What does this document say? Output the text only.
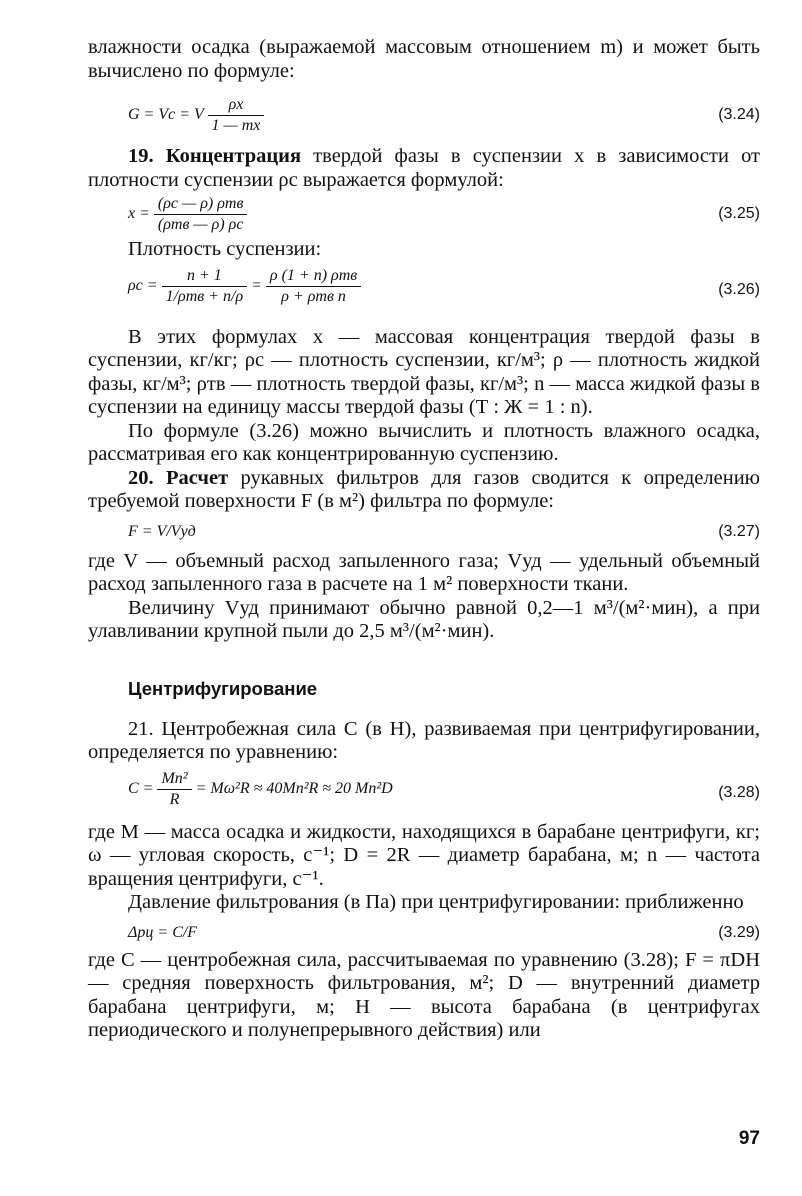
влажности осадка (выражаемой массовым отношением m) и может быть вычислено по формуле:

G = Vc = V $\frac{\rho x}{1 — mx}$	(3.24)

19. Концентрация твердой фазы в суспензии x в зависимости от плотности суспензии ρc выражается формулой:

$x = \frac{\text{(ρc — ρ) ρтв}}{\text{(ρтв — ρ) ρc}}$	(3.25)

Плотность суспензии:

$\rho c = \frac{n + 1}{\text{1/ρтв + n/ρ}} = \frac{\text{ρ (1 + n) ρтв}}{\text{ρ + ρтв n}}$	(3.26)

В этих формулах x — массовая концентрация твердой фазы в суспензии, кг/кг; ρc — плотность суспензии, кг/м³; ρ — плотность жидкой фазы, кг/м³; ρтв — плотность твердой фазы, кг/м³; n — масса жидкой фазы в суспензии на единицу массы твердой фазы (Т : Ж = 1 : n).

По формуле (3.26) можно вычислить и плотность влажного осадка, рассматривая его как концентрированную суспензию.

20. Расчет рукавных фильтров для газов сводится к определению требуемой поверхности F (в м²) фильтра по формуле:

F = V/Vуд	(3.27)

где V — объемный расход запыленного газа; Vуд — удельный объемный расход запыленного газа в расчете на 1 м² поверхности ткани.

Величину Vуд принимают обычно равной 0,2—1 м³/(м²·мин), а при улавливании крупной пыли до 2,5 м³/(м²·мин).

Центрифугирование

21. Центробежная сила C (в Н), развиваемая при центрифугировании, определяется по уравнению:

$C = \frac{\text{Mn²}}{R} = M\omega^2R \approx 40Mn^2R \approx 20$ Mn²D	(3.28)

где M — масса осадка и жидкости, находящихся в барабане центрифуги, кг; ω — угловая скорость, с⁻¹; D = 2R — диаметр барабана, м; n — частота вращения центрифуги, с⁻¹.

Давление фильтрования (в Па) при центрифугировании: приближенно

Δpц = C/F	(3.29)

где C — центробежная сила, рассчитываемая по уравнению (3.28); F = πDH — средняя поверхность фильтрования, м²; D — внутренний диаметр барабана центрифуги, м; H — высота барабана (в центрифугах периодического и полунепрерывного действия) или

97
